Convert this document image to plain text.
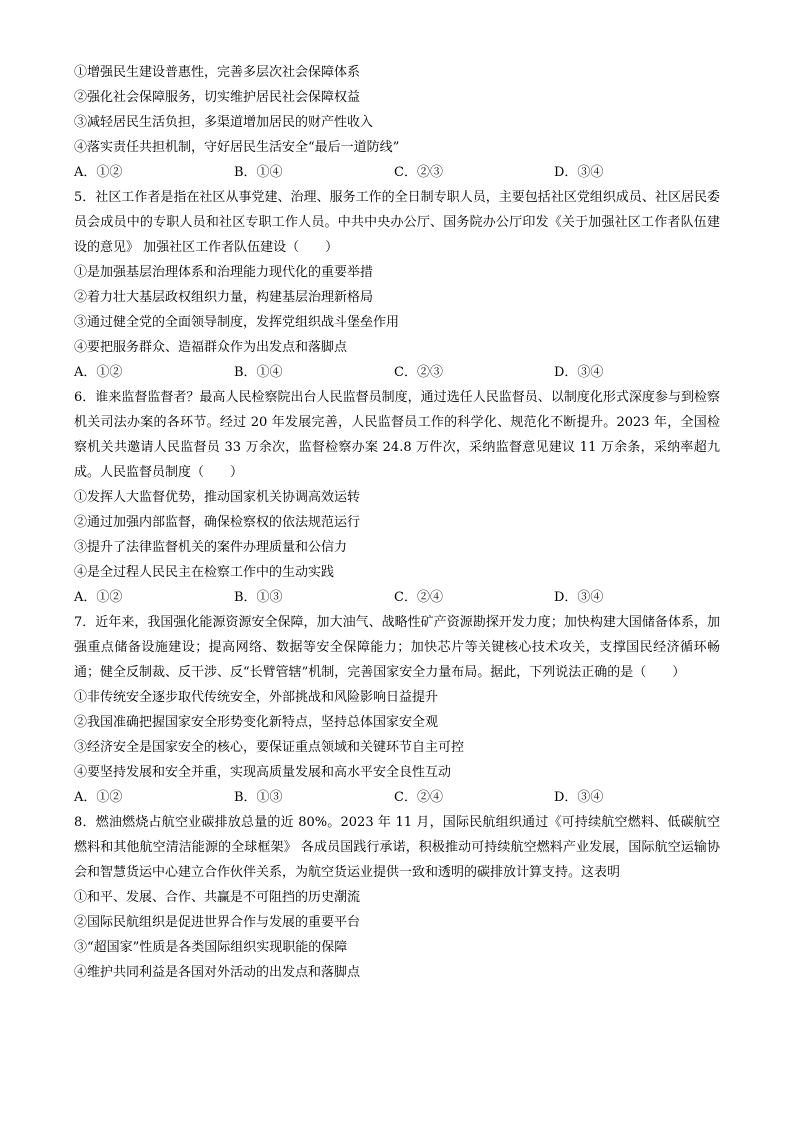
①增强民生建设普惠性，完善多层次社会保障体系
②强化社会保障服务，切实维护居民社会保障权益
③减轻居民生活负担，多渠道增加居民的财产性收入
④落实责任共担机制，守好居民生活安全“最后一道防线”
A．①②	B．①④	C．②③	D．③④
5．社区工作者是指在社区从事党建、治理、服务工作的全日制专职人员，主要包括社区党组织成员、社区居民委员会成员中的专职人员和社区专职工作人员。中共中央办公厅、国务院办公厅印发《关于加强社区工作者队伍建设的意见》 加强社区工作者队伍建设（　　）
①是加强基层治理体系和治理能力现代化的重要举措
②着力壮大基层政权组织力量，构建基层治理新格局
③通过健全党的全面领导制度，发挥党组织战斗堡垒作用
④要把服务群众、造福群众作为出发点和落脚点
A．①②	B．①④	C．②③	D．③④
6．谁来监督监督者？最高人民检察院出台人民监督员制度，通过选任人民监督员、以制度化形式深度参与到检察机关司法办案的各环节。经过 20 年发展完善，人民监督员工作的科学化、规范化不断提升。2023 年，全国检察机关共邀请人民监督员 33 万余次，监督检察办案 24.8 万件次，采纳监督意见建议 11 万余条，采纳率超九成。人民监督员制度（　　）
①发挥人大监督优势，推动国家机关协调高效运转
②通过加强内部监督，确保检察权的依法规范运行
③提升了法律监督机关的案件办理质量和公信力
④是全过程人民民主在检察工作中的生动实践
A．①②	B．①③	C．②④	D．③④
7．近年来，我国强化能源资源安全保障，加大油气、战略性矿产资源勘探开发力度；加快构建大国储备体系，加强重点储备设施建设；提高网络、数据等安全保障能力；加快芯片等关键核心技术攻关，支撑国民经济循环畅通；健全反制裁、反干涉、反“长臂管辖”机制，完善国家安全力量布局。据此，下列说法正确的是（　　）
①非传统安全逐步取代传统安全，外部挑战和风险影响日益提升
②我国准确把握国家安全形势变化新特点，坚持总体国家安全观
③经济安全是国家安全的核心，要保证重点领域和关键环节自主可控
④要坚持发展和安全并重，实现高质量发展和高水平安全良性互动
A．①②	B．①③	C．②④	D．③④
8．燃油燃烧占航空业碳排放总量的近 80%。2023 年 11 月，国际民航组织通过《可持续航空燃料、低碳航空燃料和其他航空清洁能源的全球框架》 各成员国践行承诺，积极推动可持续航空燃料产业发展，国际航空运输协会和智慧货运中心建立合作伙伴关系，为航空货运业提供一致和透明的碳排放计算支持。这表明
①和平、发展、合作、共赢是不可阻挡的历史潮流
②国际民航组织是促进世界合作与发展的重要平台
③“超国家”性质是各类国际组织实现职能的保障
④维护共同利益是各国对外活动的出发点和落脚点
